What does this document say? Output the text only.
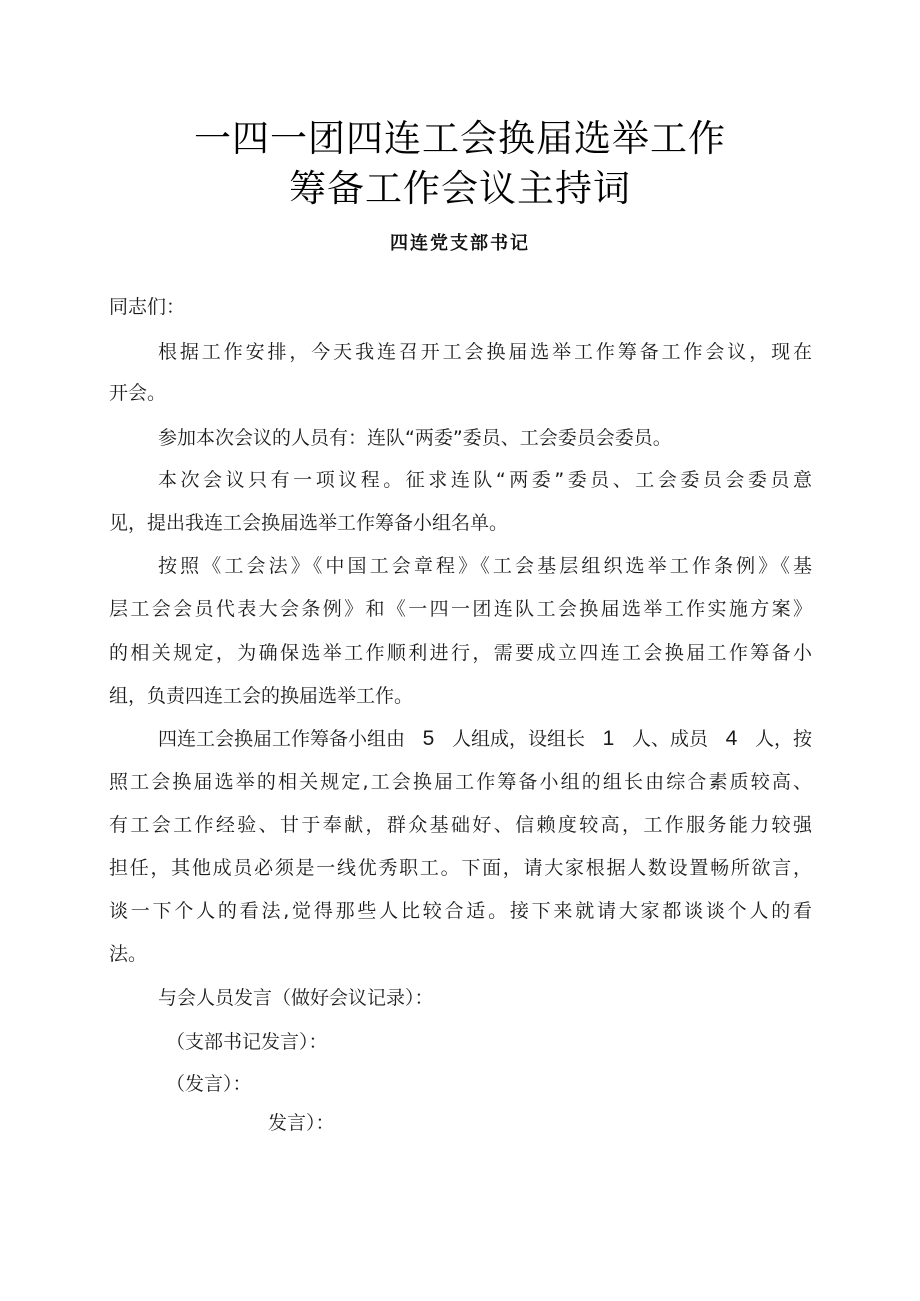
一四一团四连工会换届选举工作
筹备工作会议主持词
四连党支部书记
同志们：
根据工作安排，今天我连召开工会换届选举工作筹备工作会议，现在
开会。
参加本次会议的人员有：连队“两委”委员、工会委员会委员。
本次会议只有一项议程。征求连队“两委”委员、工会委员会委员意
见，提出我连工会换届选举工作筹备小组名单。
按照《工会法》《中国工会章程》《工会基层组织选举工作条例》《基
层工会会员代表大会条例》和《一四一团连队工会换届选举工作实施方案》
的相关规定，为确保选举工作顺利进行，需要成立四连工会换届工作筹备小
组，负责四连工会的换届选举工作。
四连工会换届工作筹备小组由 5 人组成，设组长 1 人、成员 4 人，按
照工会换届选举的相关规定,工会换届工作筹备小组的组长由综合素质较高、
有工会工作经验、甘于奉献，群众基础好、信赖度较高，工作服务能力较强
担任，其他成员必须是一线优秀职工。下面，请大家根据人数设置畅所欲言，
谈一下个人的看法,觉得那些人比较合适。接下来就请大家都谈谈个人的看
法。
与会人员发言（做好会议记录）：
（支部书记发言）：
（发言）：
发言）：
